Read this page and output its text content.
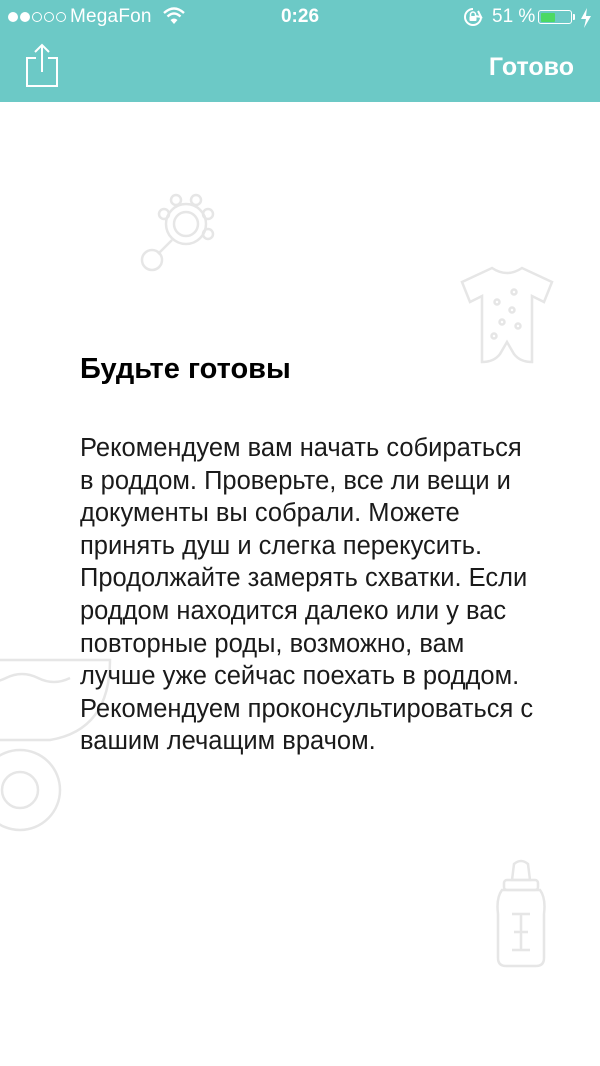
MegaFon	0:26	51 %
Готово
Будьте готовы

Рекомендуем вам начать собираться в роддом. Проверьте, все ли вещи и документы вы собрали. Можете принять душ и слегка перекусить. Продолжайте замерять схватки. Если роддом находится далеко или у вас повторные роды, возможно, вам лучше уже сейчас поехать в роддом. Рекомендуем проконсультироваться с вашим лечащим врачом.
